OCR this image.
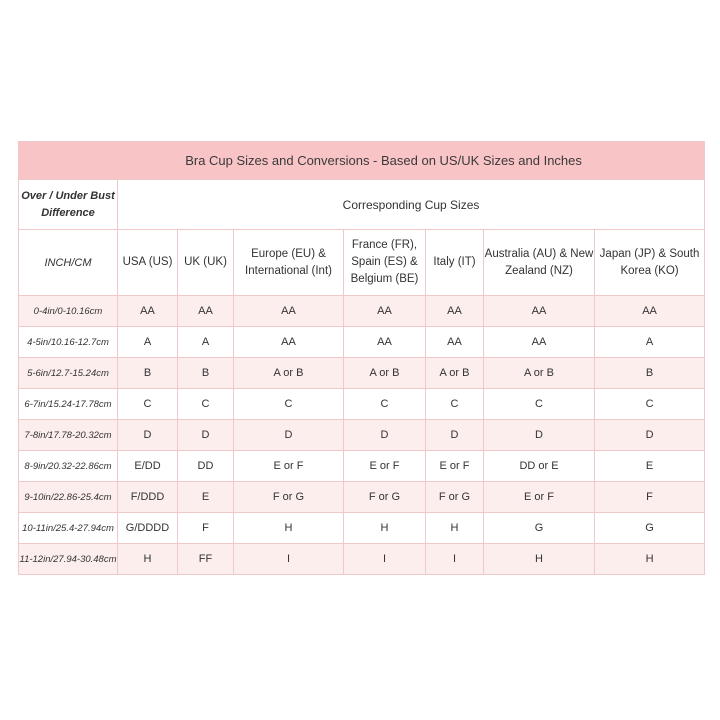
Bra Cup Sizes and Conversions - Based on US/UK Sizes and Inches							
Over / Under Bust Difference	Corresponding Cup Sizes						
INCH/CM	USA (US)	UK (UK)	Europe (EU) & International (Int)	France (FR), Spain (ES) & Belgium (BE)	Italy (IT)	Australia (AU) & New Zealand (NZ)	Japan (JP) & South Korea (KO)
0-4in/0-10.16cm	AA	AA	AA	AA	AA	AA	AA
4-5in/10.16-12.7cm	A	A	AA	AA	AA	AA	A
5-6in/12.7-15.24cm	B	B	A or B	A or B	A or B	A or B	B
6-7in/15.24-17.78cm	C	C	C	C	C	C	C
7-8in/17.78-20.32cm	D	D	D	D	D	D	D
8-9in/20.32-22.86cm	E/DD	DD	E or F	E or F	E or F	DD or E	E
9-10in/22.86-25.4cm	F/DDD	E	F or G	F or G	F or G	E or F	F
10-11in/25.4-27.94cm	G/DDDD	F	H	H	H	G	G
11-12in/27.94-30.48cm	H	FF	I	I	I	H	H
